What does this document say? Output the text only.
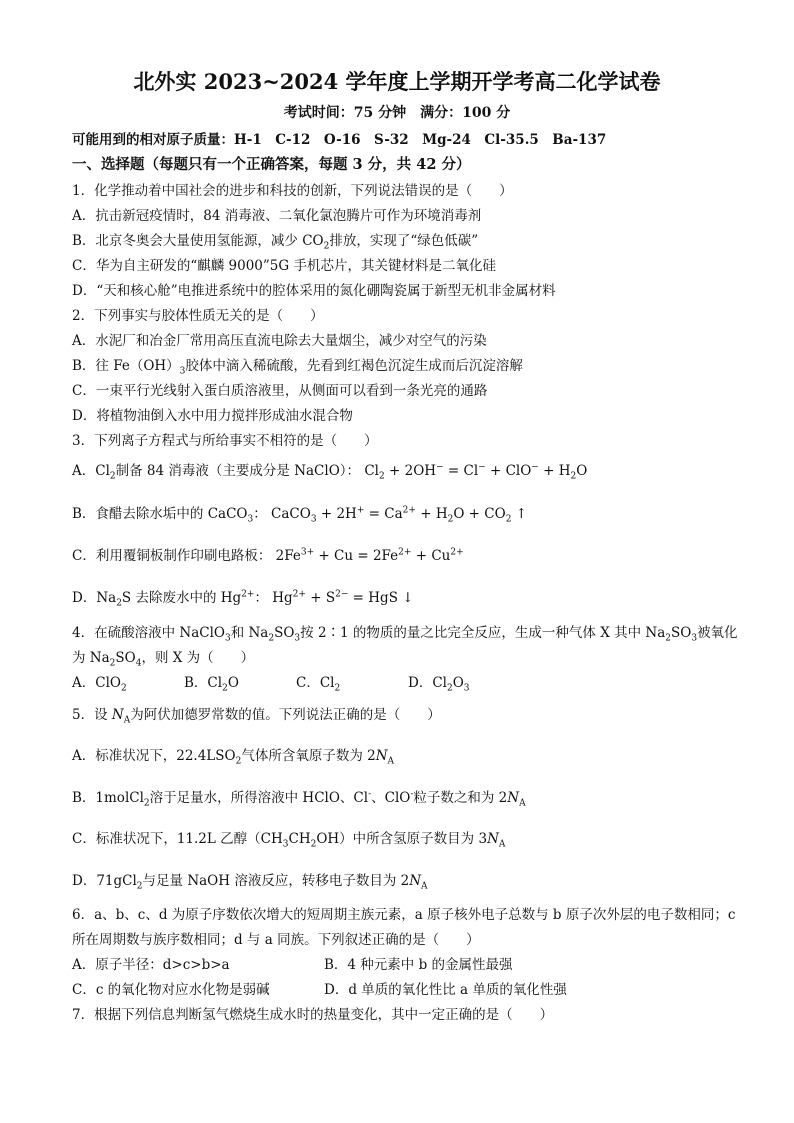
北外实 2023~2024 学年度上学期开学考高二化学试卷
考试时间：75 分钟　满分：100 分
可能用到的相对原子质量：H-1　C-12　O-16　S-32　Mg-24　Cl-35.5　Ba-137
一、选择题（每题只有一个正确答案，每题 3 分，共 42 分）
1．化学推动着中国社会的进步和科技的创新，下列说法错误的是（　　）
A．抗击新冠疫情时，84 消毒液、二氧化氯泡腾片可作为环境消毒剂
B．北京冬奥会大量使用氢能源，减少 $CO_2$排放，实现了“绿色低碳”
C．华为自主研发的“麒麟 9000”5G 手机芯片，其关键材料是二氧化硅
D．“天和核心舱”电推进系统中的腔体采用的氮化硼陶瓷属于新型无机非金属材料
2．下列事实与胶体性质无关的是（　　）
A．水泥厂和冶金厂常用高压直流电除去大量烟尘，减少对空气的污染
B．往 $Fe(OH)_3$胶体中滴入稀硫酸，先看到红褐色沉淀生成而后沉淀溶解
C．一束平行光线射入蛋白质溶液里，从侧面可以看到一条光亮的通路
D．将植物油倒入水中用力搅拌形成油水混合物
3．下列离子方程式与所给事实不相符的是（　　）
A．$Cl_2$制备 84 消毒液（主要成分是 NaClO）： $Cl_2 + 2OH^- = Cl^- + ClO^- + H_2O$
B．食醋去除水垢中的 CaCO$_3$： CaCO$_3$ + $2H^+ = Ca^{2+} + H_2O + CO_2$ ↑
C．利用覆铜板制作印刷电路板： $2Fe^{3+} + Cu = 2Fe^{2+} + Cu^{2+}$
D．$Na_2S$ 去除废水中的 $Hg^{2+}$： $Hg^{2+} + S^{2-}$ = HgS ↓
4．在硫酸溶液中 NaClO$_3$和 $Na_2SO_3$按 2∶1 的物质的量之比完全反应，生成一种气体 X 其中 $Na_2SO_3$被氧化
为 $Na_2SO_4$，则 X 为（　　）
A．ClO$_2$	B．$Cl_2O$	C．$Cl_2$	D．$Cl_2O_3$
5．设 $N_A$为阿伏加德罗常数的值。下列说法正确的是（　　）
A．标准状况下，$22.4LSO_2$气体所含氧原子数为 $2N_A$
B．1molCl$_2$溶于足量水，所得溶液中 HClO、Cl-、ClO-粒子数之和为 $2N_A$
C．标准状况下，11.2L 乙醇$(CH_3CH_2OH)$中所含氢原子数目为 $3N_A$
D．71gCl$_2$与足量 NaOH 溶液反应，转移电子数目为 $2N_A$
6．a、b、c、d 为原子序数依次增大的短周期主族元素，a 原子核外电子总数与 b 原子次外层的电子数相同；c
所在周期数与族序数相同；d 与 a 同族。下列叙述正确的是（　　）
A．原子半径：d>c>b>a	B．4 种元素中 b 的金属性最强
C．c 的氧化物对应水化物是弱碱	D．d 单质的氧化性比 a 单质的氧化性强
7．根据下列信息判断氢气燃烧生成水时的热量变化，其中一定正确的是（　　）
